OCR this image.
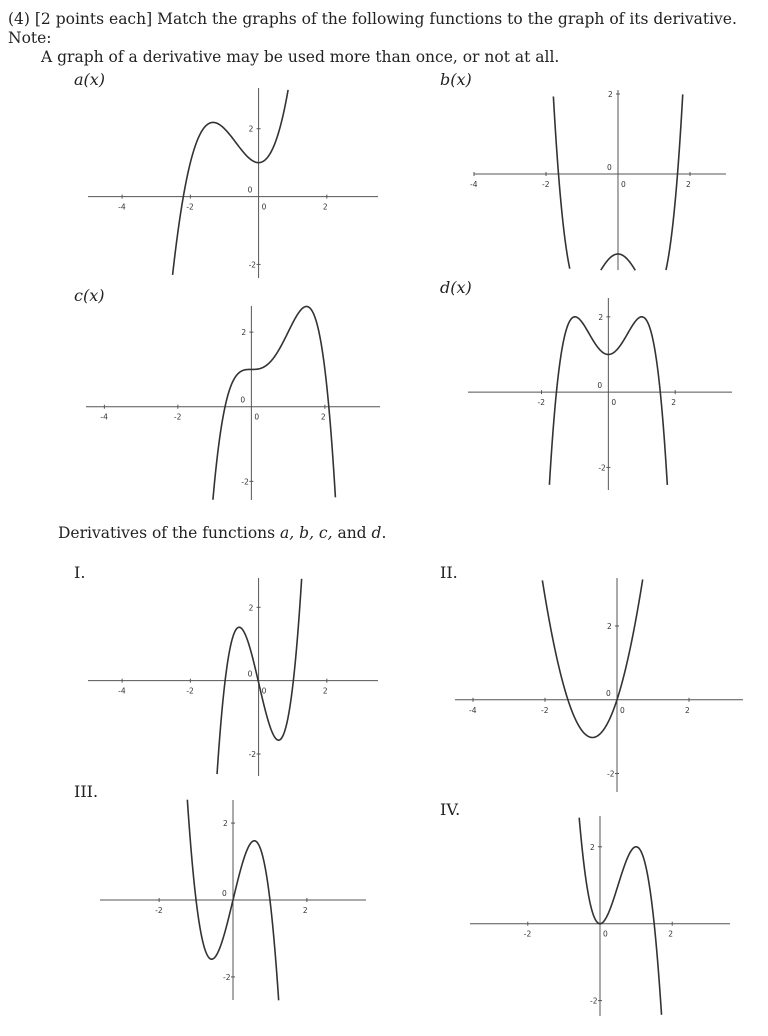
(4) [2 points each] Match the graphs of the following functions to the graph of its derivative. Note:
A graph of a derivative may be used more than once, or not at all.
a(x)	b(x)
c(x)	d(x)
Derivatives of the functions a, b, c, and d.
I.	II.
III.
IV.
-4	-2	0	2
-2
0
2
-4	-2	0	2
0
2
-4	-2	0	2
-2
0
2
-2	0	2
-2
0
2
-4	-2	0	2
-2
0
2
-4	-2	0	2
-2
0
2
-2	2
-2
0
2
-2	0	2
-2
2
